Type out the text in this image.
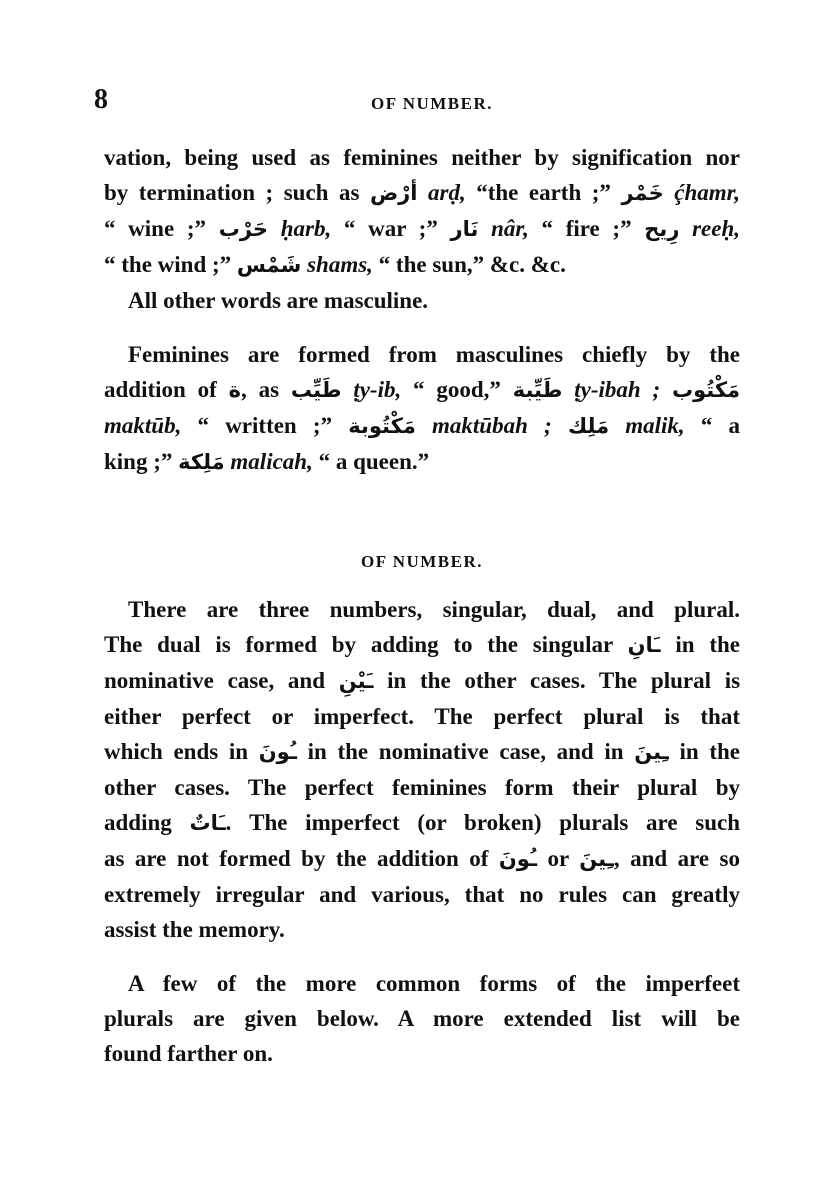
8	OF NUMBER.
vation, being used as feminines neither by signification nor
by termination ; such as أرْض arḍ, “the earth ;” خَمْر ḉhamr,
“ wine ;” حَرْب ḥarb, “ war ;” نَار nâr, “ fire ;” رِيح reeḥ,
“ the wind ;” شَمْس shams, “ the sun,” &c. &c.
All other words are masculine.
Feminines are formed from masculines chiefly by the
addition of ة, as طَيِّب ṭy-ib, “ good,” طَيِّبة ṭy-ibah ; مَكْتُوب
maktūb, “ written ;” مَكْتُوبة maktūbah ; مَلِك malik, “ a
king ;” مَلِكة malicah, “ a queen.”
OF NUMBER.
There are three numbers, singular, dual, and plural.
The dual is formed by adding to the singular ـَانِ in the
nominative case, and ـَيْنِ in the other cases. The plural is
either perfect or imperfect. The perfect plural is that
which ends in ـُونَ in the nominative case, and in ـِينَ in the
other cases. The perfect feminines form their plural by
adding ـَاتٌ. The imperfect (or broken) plurals are such
as are not formed by the addition of ـُونَ or ـِينَ, and are so
extremely irregular and various, that no rules can greatly
assist the memory.
A few of the more common forms of the imperfeet
plurals are given below. A more extended list will be
found farther on.
